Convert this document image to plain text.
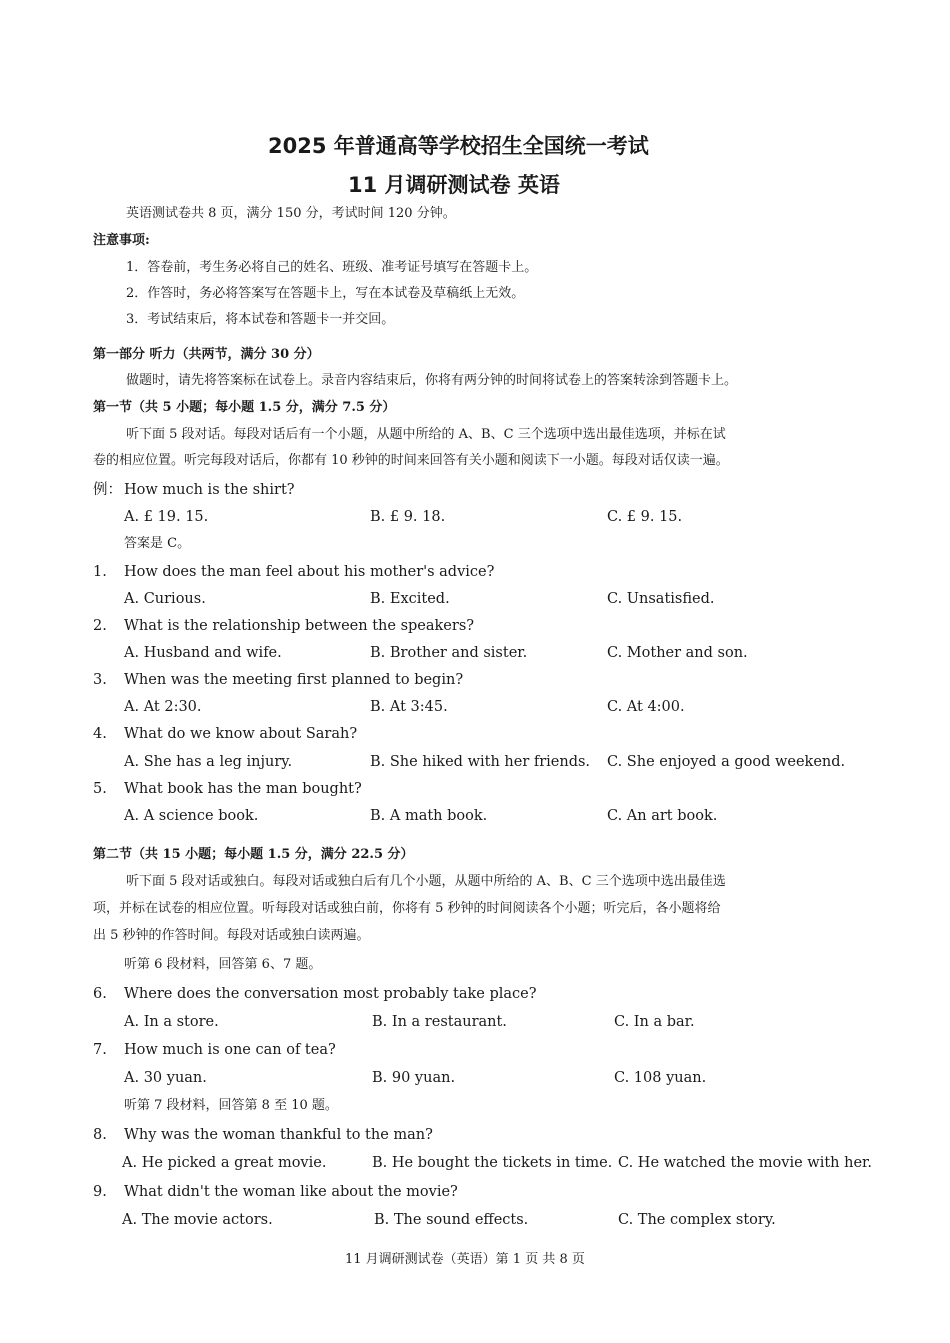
2025 年普通高等学校招生全国统一考试
11 月调研测试卷 英语
英语测试卷共 8 页，满分 150 分，考试时间 120 分钟。
注意事项:
1．答卷前，考生务必将自己的姓名、班级、准考证号填写在答题卡上。
2．作答时，务必将答案写在答题卡上，写在本试卷及草稿纸上无效。
3．考试结束后，将本试卷和答题卡一并交回。
第一部分 听力（共两节，满分 30 分）
做题时，请先将答案标在试卷上。录音内容结束后，你将有两分钟的时间将试卷上的答案转涂到答题卡上。
第一节（共 5 小题；每小题 1.5 分，满分 7.5 分）
听下面 5 段对话。每段对话后有一个小题，从题中所给的 A、B、C 三个选项中选出最佳选项，并标在试
卷的相应位置。听完每段对话后，你都有 10 秒钟的时间来回答有关小题和阅读下一小题。每段对话仅读一遍。
例： How much is the shirt?
A. £ 19. 15.	B. £ 9. 18.	C. £ 9. 15.
答案是 C。
1. How does the man feel about his mother's advice?
A. Curious.	B. Excited.	C. Unsatisfied.
2. What is the relationship between the speakers?
A. Husband and wife.	B. Brother and sister.	C. Mother and son.
3. When was the meeting first planned to begin?
A. At 2:30.	B. At 3:45.	C. At 4:00.
4. What do we know about Sarah?
A. She has a leg injury.	B. She hiked with her friends. C. She enjoyed a good weekend.
5. What book has the man bought?
A. A science book.	B. A math book.	C. An art book.
第二节（共 15 小题；每小题 1.5 分，满分 22.5 分）
听下面 5 段对话或独白。每段对话或独白后有几个小题，从题中所给的 A、B、C 三个选项中选出最佳选
项，并标在试卷的相应位置。听每段对话或独白前，你将有 5 秒钟的时间阅读各个小题；听完后，各小题将给
出 5 秒钟的作答时间。每段对话或独白读两遍。
听第 6 段材料，回答第 6、7 题。
6. Where does the conversation most probably take place?
A. In a store.	B. In a restaurant.	C. In a bar.
7. How much is one can of tea?
A. 30 yuan.	B. 90 yuan.	C. 108 yuan.
听第 7 段材料，回答第 8 至 10 题。
8. Why was the woman thankful to the man?
A. He picked a great movie.	B. He bought the tickets in time. C. He watched the movie with her.
9. What didn't the woman like about the movie?
A. The movie actors.	B. The sound effects.	C. The complex story.
11 月调研测试卷（英语）第 1 页 共 8 页
